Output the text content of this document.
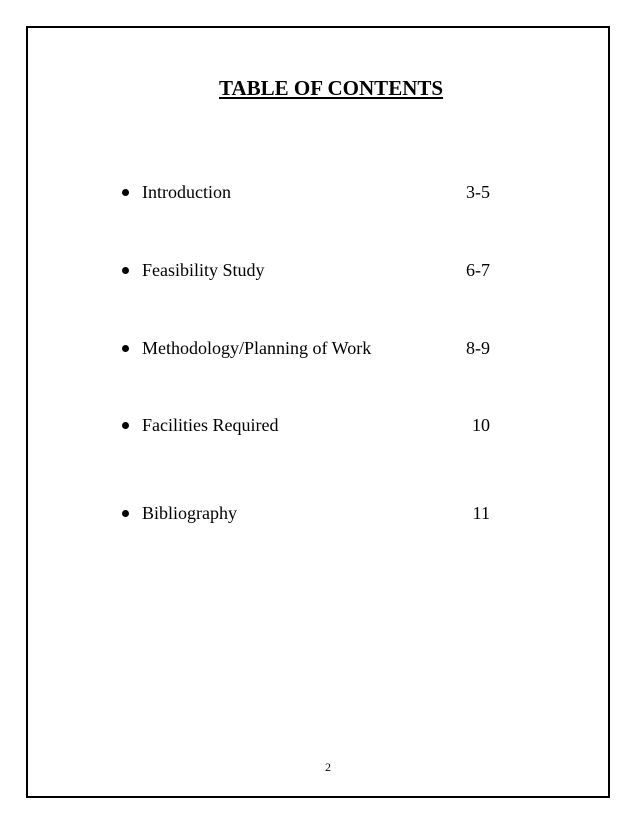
TABLE OF CONTENTS
Introduction	3-5
Feasibility Study	6-7
Methodology/Planning of Work	8-9
Facilities Required	10
Bibliography	11
2
